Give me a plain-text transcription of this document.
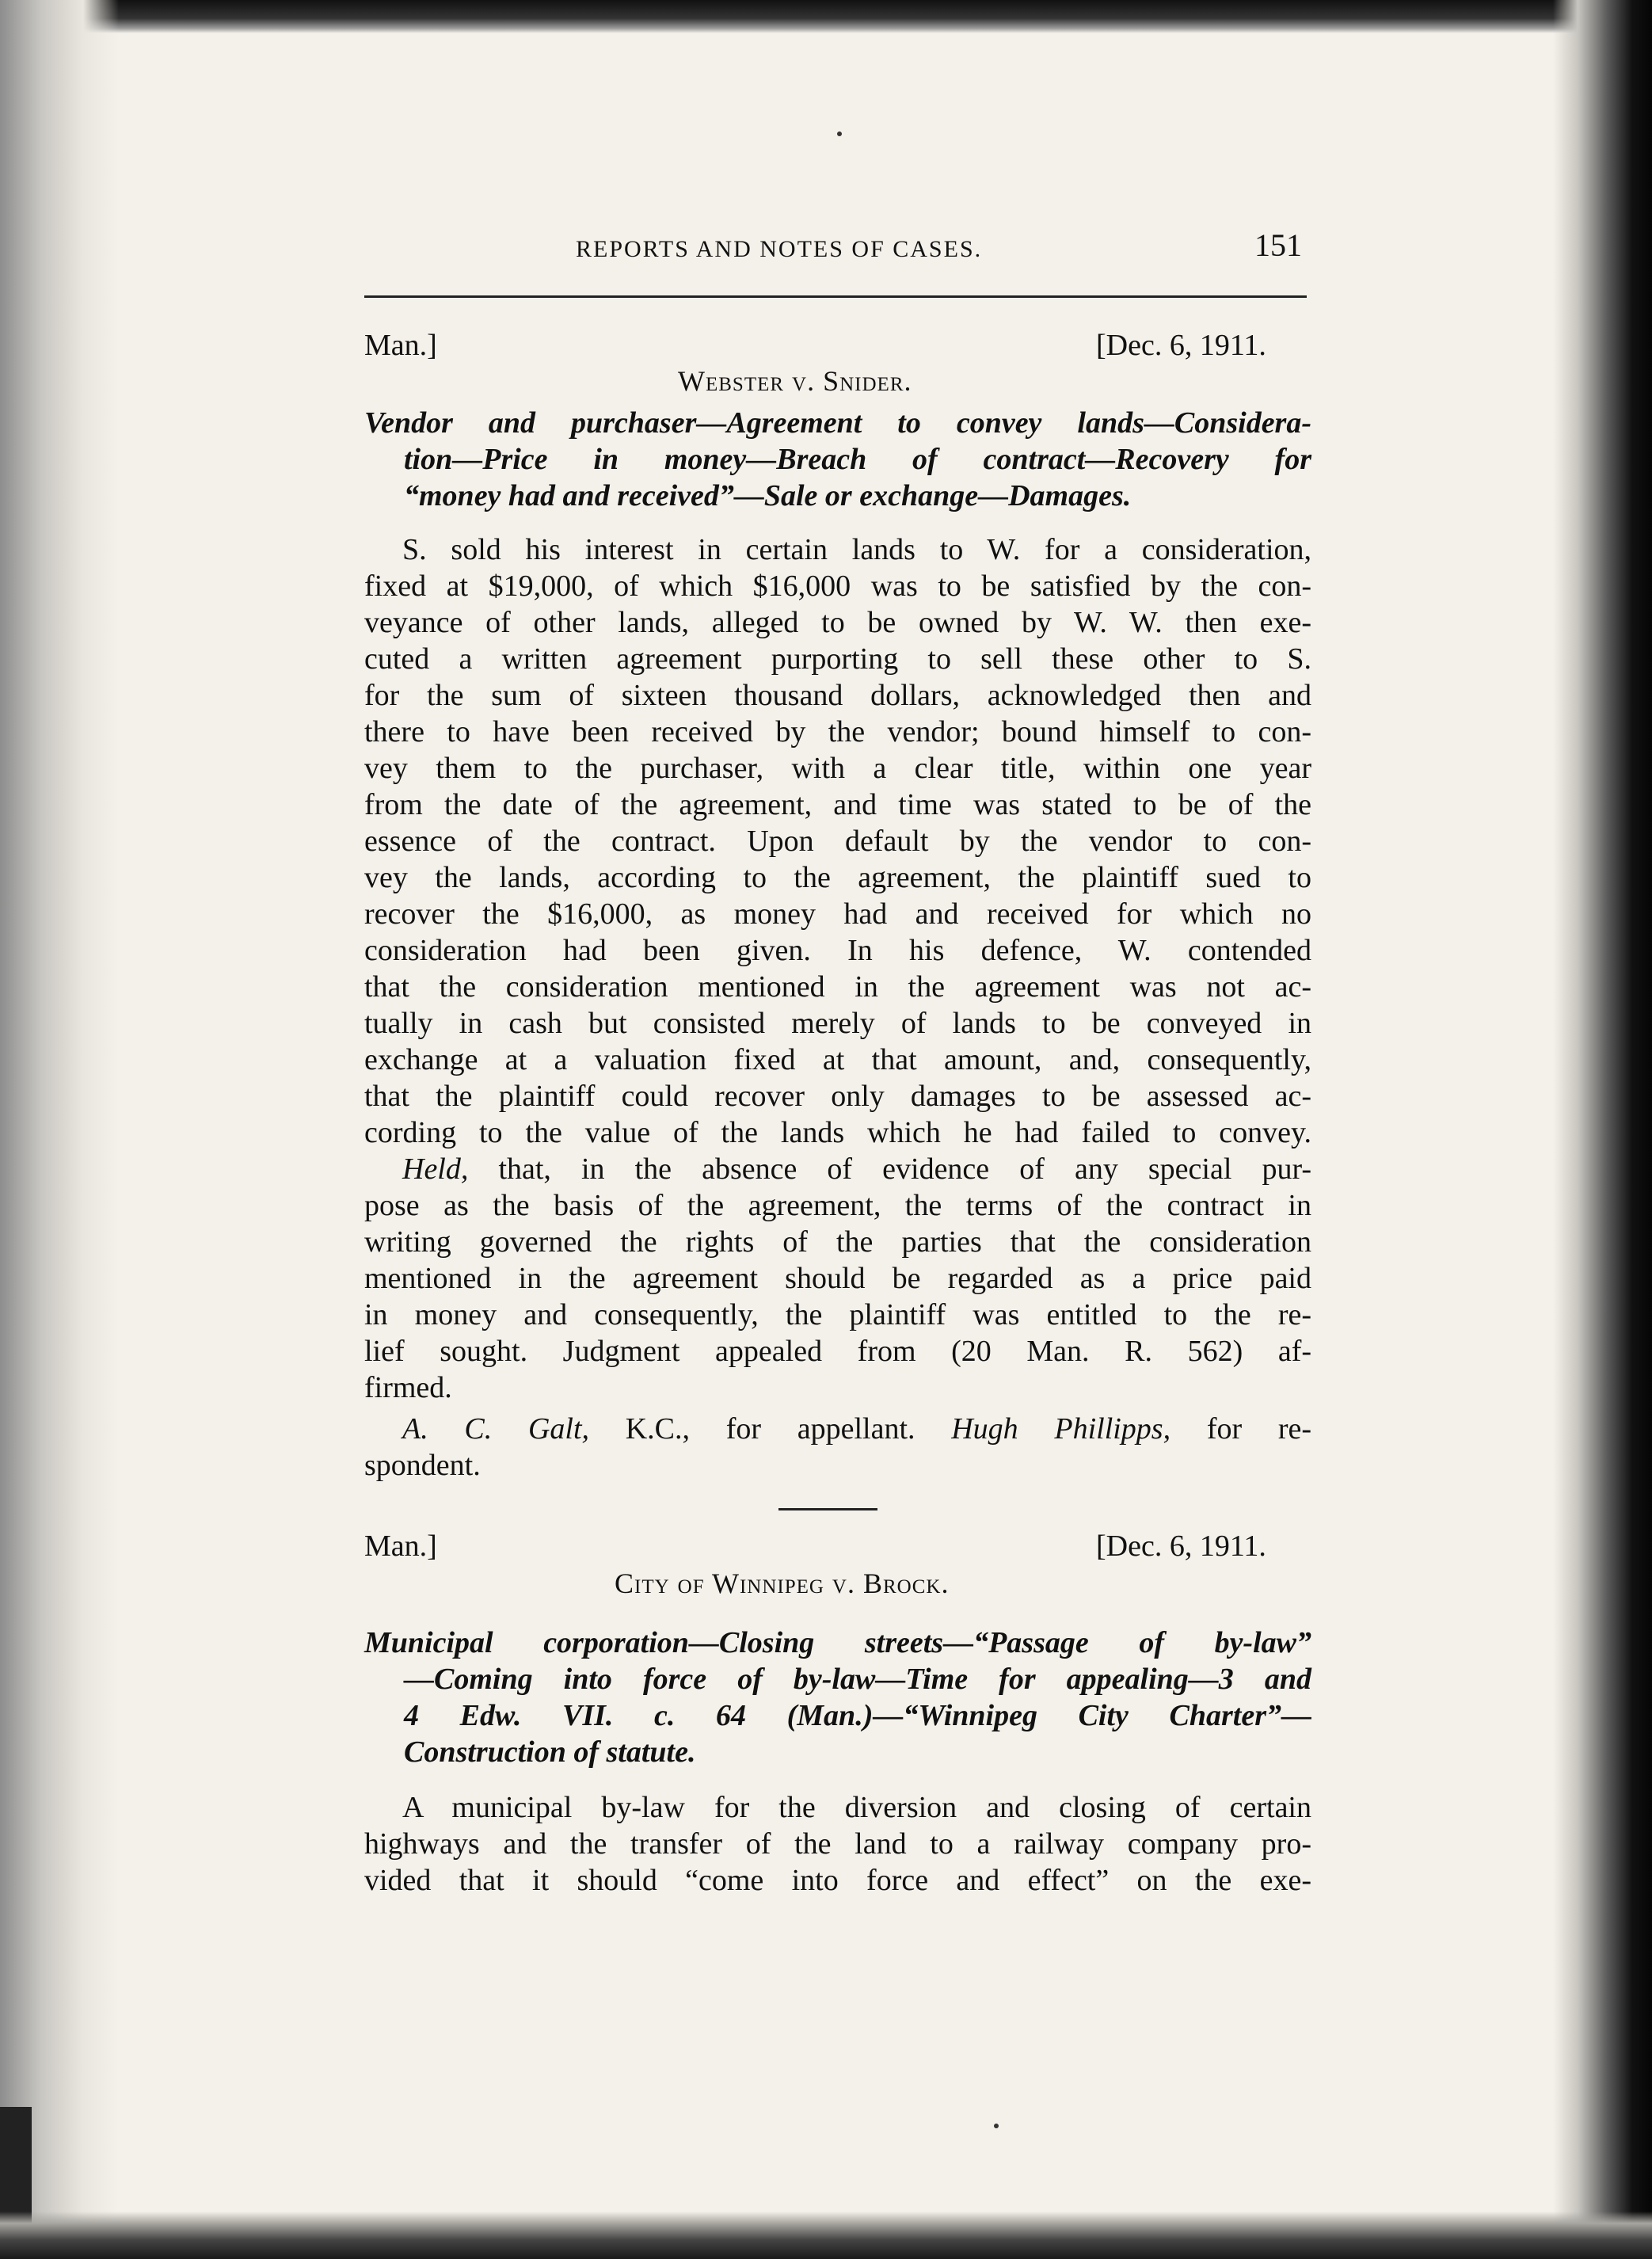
REPORTS AND NOTES OF CASES.	151
Man.]	[Dec. 6, 1911.
Webster v. Snider.
Vendor and purchaser—Agreement to convey lands—Considera-
tion—Price in money—Breach of contract—Recovery for
“money had and received”—Sale or exchange—Damages.
S. sold his interest in certain lands to W. for a consideration,
fixed at $19,000, of which $16,000 was to be satisfied by the con-
veyance of other lands, alleged to be owned by W. W. then exe-
cuted a written agreement purporting to sell these other to S.
for the sum of sixteen thousand dollars, acknowledged then and
there to have been received by the vendor; bound himself to con-
vey them to the purchaser, with a clear title, within one year
from the date of the agreement, and time was stated to be of the
essence of the contract. Upon default by the vendor to con-
vey the lands, according to the agreement, the plaintiff sued to
recover the $16,000, as money had and received for which no
consideration had been given. In his defence, W. contended
that the consideration mentioned in the agreement was not ac-
tually in cash but consisted merely of lands to be conveyed in
exchange at a valuation fixed at that amount, and, consequently,
that the plaintiff could recover only damages to be assessed ac-
cording to the value of the lands which he had failed to convey.
Held, that, in the absence of evidence of any special pur-
pose as the basis of the agreement, the terms of the contract in
writing governed the rights of the parties that the consideration
mentioned in the agreement should be regarded as a price paid
in money and consequently, the plaintiff was entitled to the re-
lief sought. Judgment appealed from (20 Man. R. 562) af-
firmed.
A. C. Galt, K.C., for appellant. Hugh Phillipps, for re-
spondent.
Man.]	[Dec. 6, 1911.
City of Winnipeg v. Brock.
Municipal corporation—Closing streets—“Passage of by-law”
—Coming into force of by-law—Time for appealing—3 and
4 Edw. VII. c. 64 (Man.)—“Winnipeg City Charter”—
Construction of statute.
A municipal by-law for the diversion and closing of certain
highways and the transfer of the land to a railway company pro-
vided that it should “come into force and effect” on the exe-
